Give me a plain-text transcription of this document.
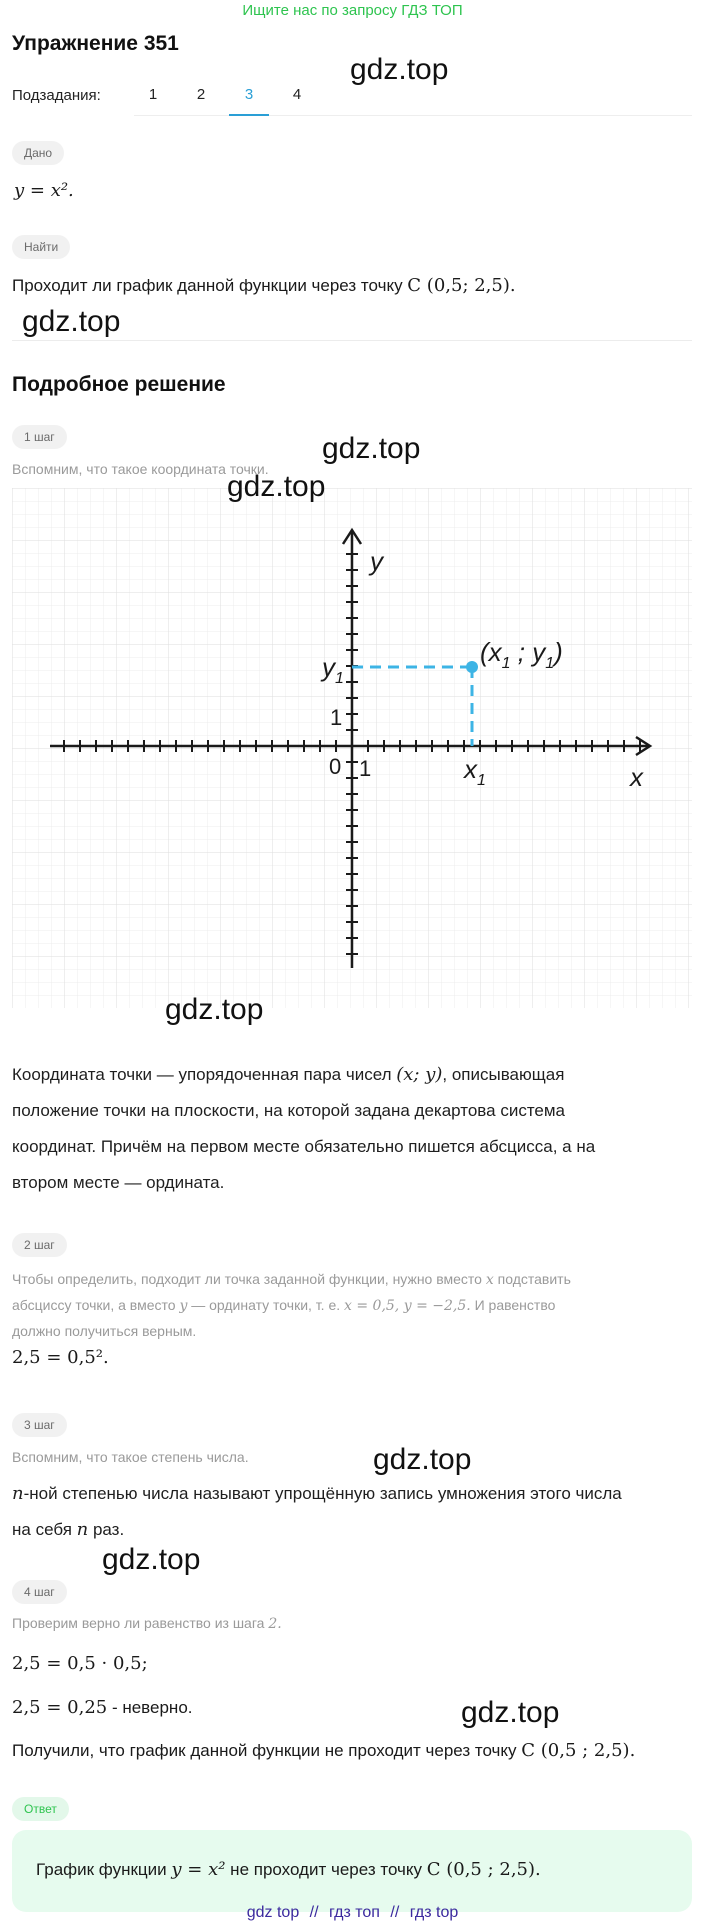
Ищите нас по запросу ГДЗ ТОП
Упражнение 351
gdz.top
Подзадания:	1	2	3	4
Дано
y = x².
Найти
Проходит ли график данной функции через точку C (0,5; 2,5).
gdz.top
Подробное решение
1 шаг	gdz.top
Вспомним, что такое координата точки.
y
x
0 1
1
$y_1$
$x_1$
($x_1$ ; $y_1$)
gdz.top
gdz.top
Координата точки — упорядоченная пара чисел (x; y), описывающая
положение точки на плоскости, на которой задана декартова система
координат. Причём на первом месте обязательно пишется абсцисса, а на
втором месте — ордината.
2 шаг
Чтобы определить, подходит ли точка заданной функции, нужно вместо x подставить
абсциссу точки, а вместо y — ординату точки, т. е. x = 0,5, y = −2,5. И равенство
должно получиться верным.
2,5 = 0,5².
3 шаг
gdz.top
Вспомним, что такое степень числа.
n-ной степенью числа называют упрощённую запись умножения этого числа
на себя n раз.
gdz.top
4 шаг
Проверим верно ли равенство из шага 2.
2,5 = 0,5 · 0,5;
2,5 = 0,25 - неверно.	gdz.top
Получили, что график данной функции не проходит через точку C (0,5 ; 2,5).
Ответ
График функции y = x² не проходит через точку C (0,5 ; 2,5).
gdz top // гдз топ // гдз top
